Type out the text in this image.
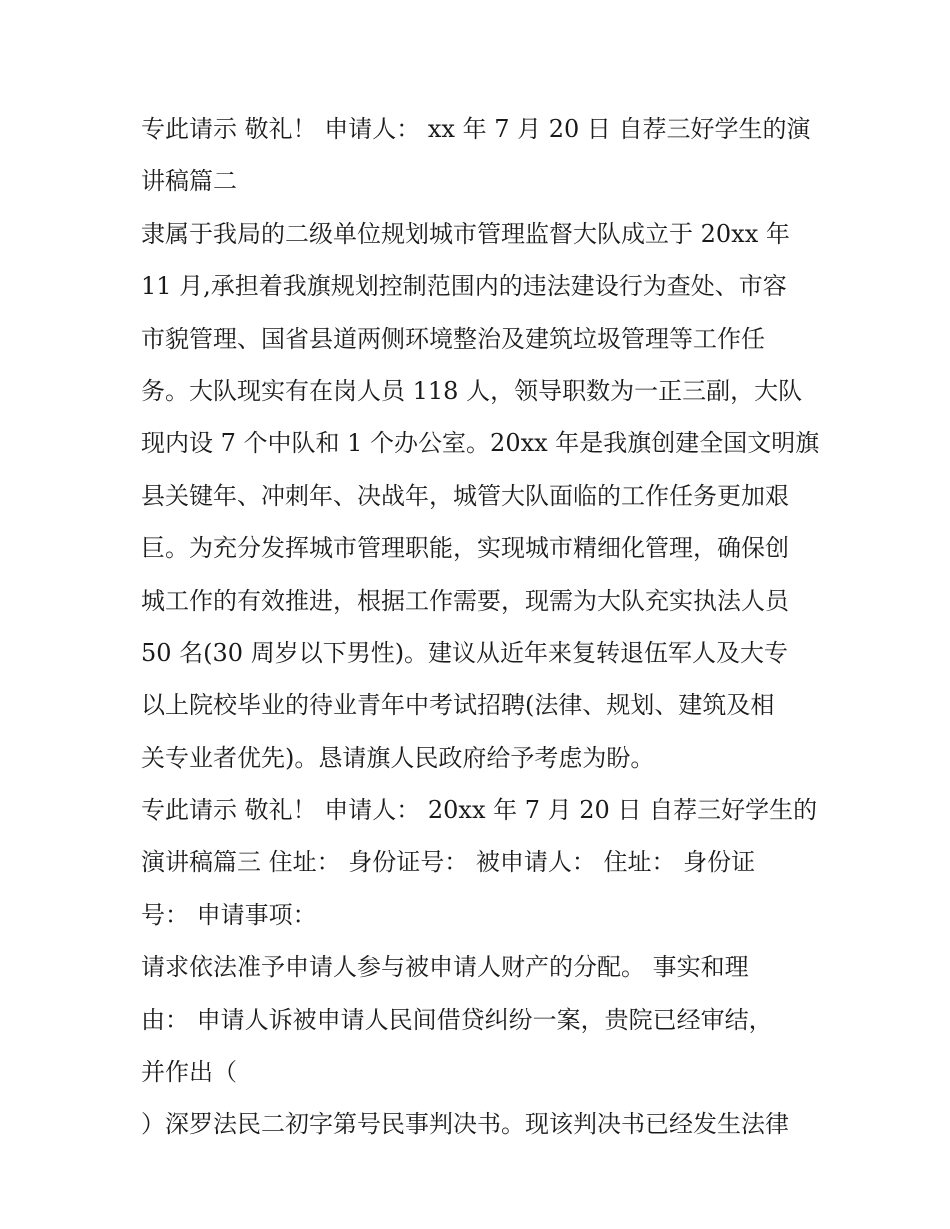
专此请示 敬礼！ 申请人： xx 年 7 月 20 日 自荐三好学生的演
讲稿篇二
隶属于我局的二级单位规划城市管理监督大队成立于 20xx 年
11 月,承担着我旗规划控制范围内的违法建设行为查处、市容
市貌管理、国省县道两侧环境整治及建筑垃圾管理等工作任
务。大队现实有在岗人员 118 人，领导职数为一正三副，大队
现内设 7 个中队和 1 个办公室。20xx 年是我旗创建全国文明旗
县关键年、冲刺年、决战年，城管大队面临的工作任务更加艰
巨。为充分发挥城市管理职能，实现城市精细化管理，确保创
城工作的有效推进，根据工作需要，现需为大队充实执法人员
50 名(30 周岁以下男性)。建议从近年来复转退伍军人及大专
以上院校毕业的待业青年中考试招聘(法律、规划、建筑及相
关专业者优先)。恳请旗人民政府给予考虑为盼。
专此请示 敬礼！ 申请人： 20xx 年 7 月 20 日 自荐三好学生的
演讲稿篇三 住址： 身份证号： 被申请人： 住址： 身份证
号： 申请事项：
请求依法准予申请人参与被申请人财产的分配。 事实和理
由： 申请人诉被申请人民间借贷纠纷一案，贵院已经审结，
并作出（
）深罗法民二初字第号民事判决书。现该判决书已经发生法律
